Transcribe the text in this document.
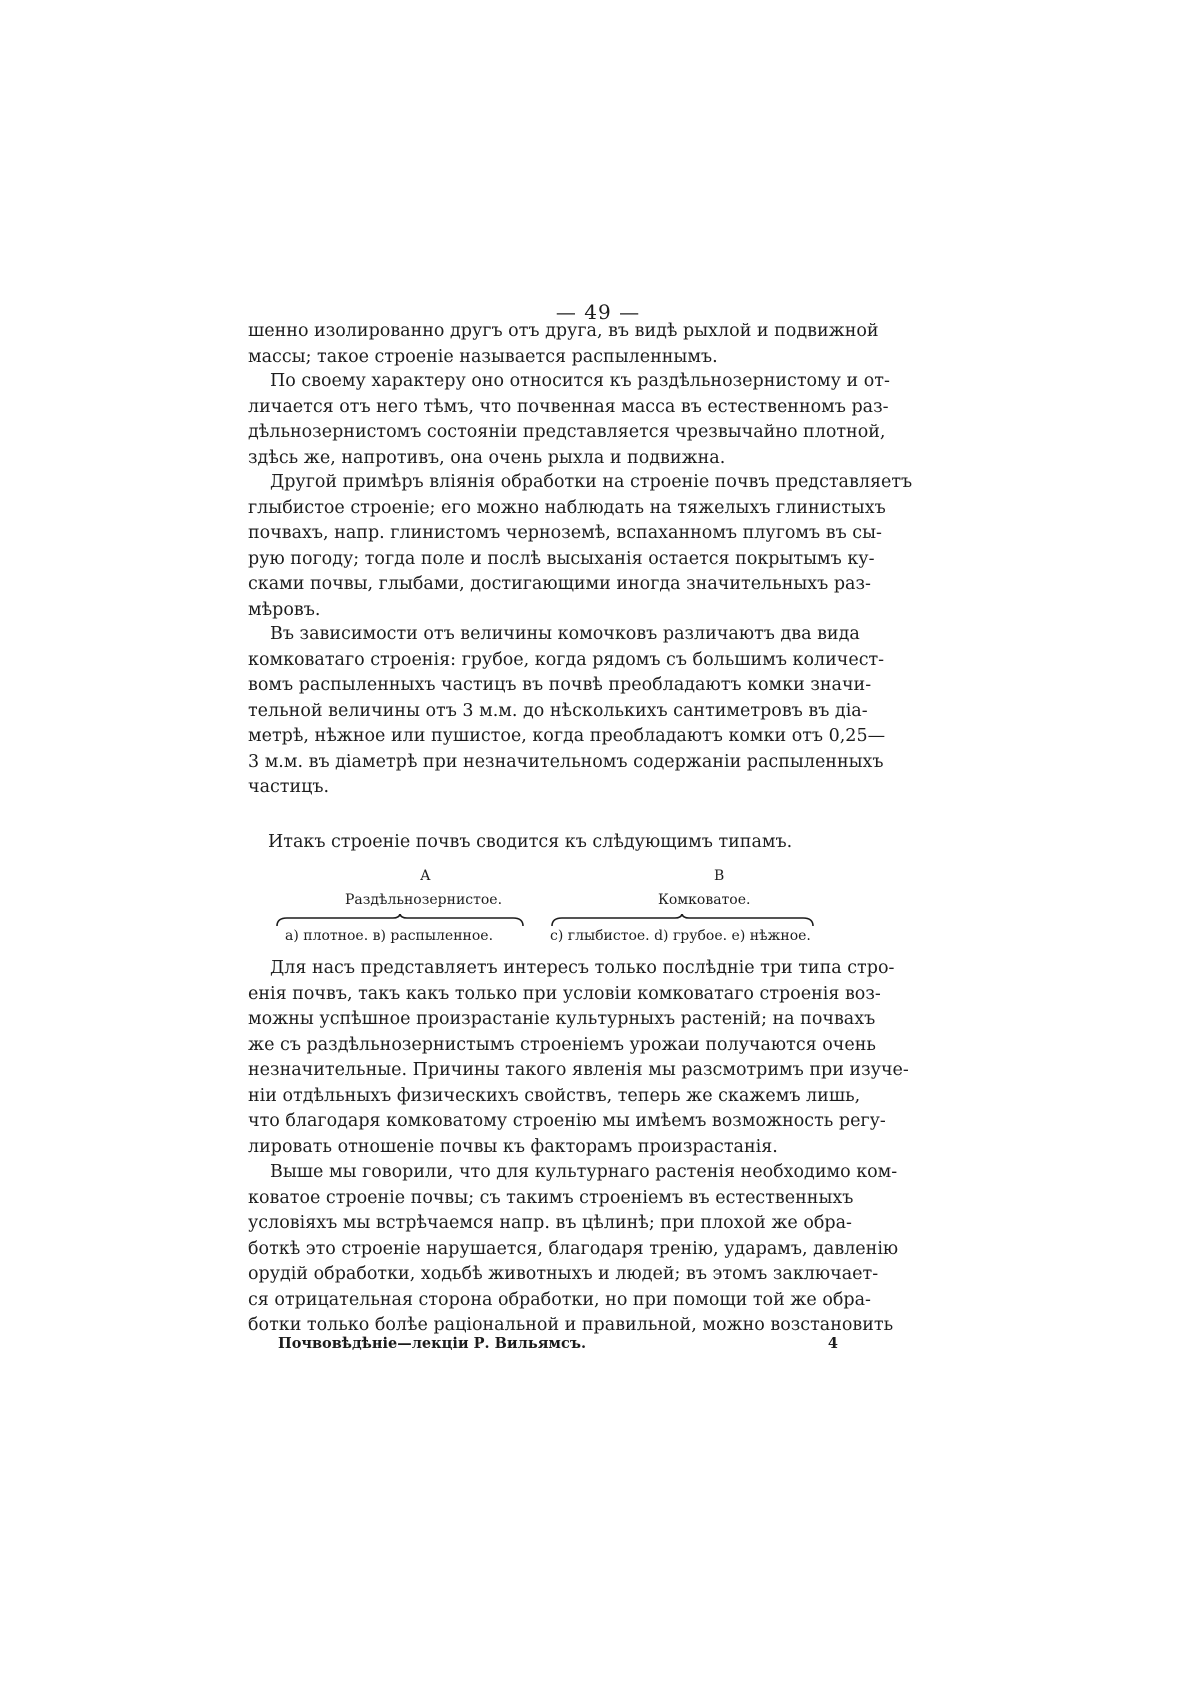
— 49 —
шенно изолированно другъ отъ друга, въ видѣ рыхлой и подвижной
массы; такое строеніе называется распыленнымъ.
По своему характеру оно относится къ раздѣльнозернистому и от-
личается отъ него тѣмъ, что почвенная масса въ естественномъ раз-
дѣльнозернистомъ состояніи представляется чрезвычайно плотной,
здѣсь же, напротивъ, она очень рыхла и подвижна.
Другой примѣръ вліянія обработки на строеніе почвъ представляетъ
глыбистое строеніе; его можно наблюдать на тяжелыхъ глинистыхъ
почвахъ, напр. глинистомъ черноземѣ, вспаханномъ плугомъ въ сы-
рую погоду; тогда поле и послѣ высыханія остается покрытымъ ку-
сками почвы, глыбами, достигающими иногда значительныхъ раз-
мѣровъ.
Въ зависимости отъ величины комочковъ различаютъ два вида
комковатаго строенія: грубое, когда рядомъ съ большимъ количест-
вомъ распыленныхъ частицъ въ почвѣ преобладаютъ комки значи-
тельной величины отъ 3 м.м. до нѣсколькихъ сантиметровъ въ діа-
метрѣ, нѣжное или пушистое, когда преобладаютъ комки отъ 0,25—
3 м.м. въ діаметрѣ при незначительномъ содержаніи распыленныхъ
частицъ.
Итакъ строеніе почвъ сводится къ слѣдующимъ типамъ.
А	В
Раздѣльнозернистое.	Комковатое.
а) плотное. в) распыленное.	с) глыбистое. d) грубое. е) нѣжное.
Для насъ представляетъ интересъ только послѣдніе три типа стро-
енія почвъ, такъ какъ только при условіи комковатаго строенія воз-
можны успѣшное произрастаніе культурныхъ растеній; на почвахъ
же съ раздѣльнозернистымъ строеніемъ урожаи получаются очень
незначительные. Причины такого явленія мы разсмотримъ при изуче-
ніи отдѣльныхъ физическихъ свойствъ, теперь же скажемъ лишь,
что благодаря комковатому строенію мы имѣемъ возможность регу-
лировать отношеніе почвы къ факторамъ произрастанія.
Выше мы говорили, что для культурнаго растенія необходимо ком-
коватое строеніе почвы; съ такимъ строеніемъ въ естественныхъ
условіяхъ мы встрѣчаемся напр. въ цѣлинѣ; при плохой же обра-
боткѣ это строеніе нарушается, благодаря тренію, ударамъ, давленію
орудій обработки, ходьбѣ животныхъ и людей; въ этомъ заключает-
ся отрицательная сторона обработки, но при помощи той же обра-
ботки только болѣе раціональной и правильной, можно возстановить
Почвовѣдѣніе—лекціи Р. Вильямсъ.	4
